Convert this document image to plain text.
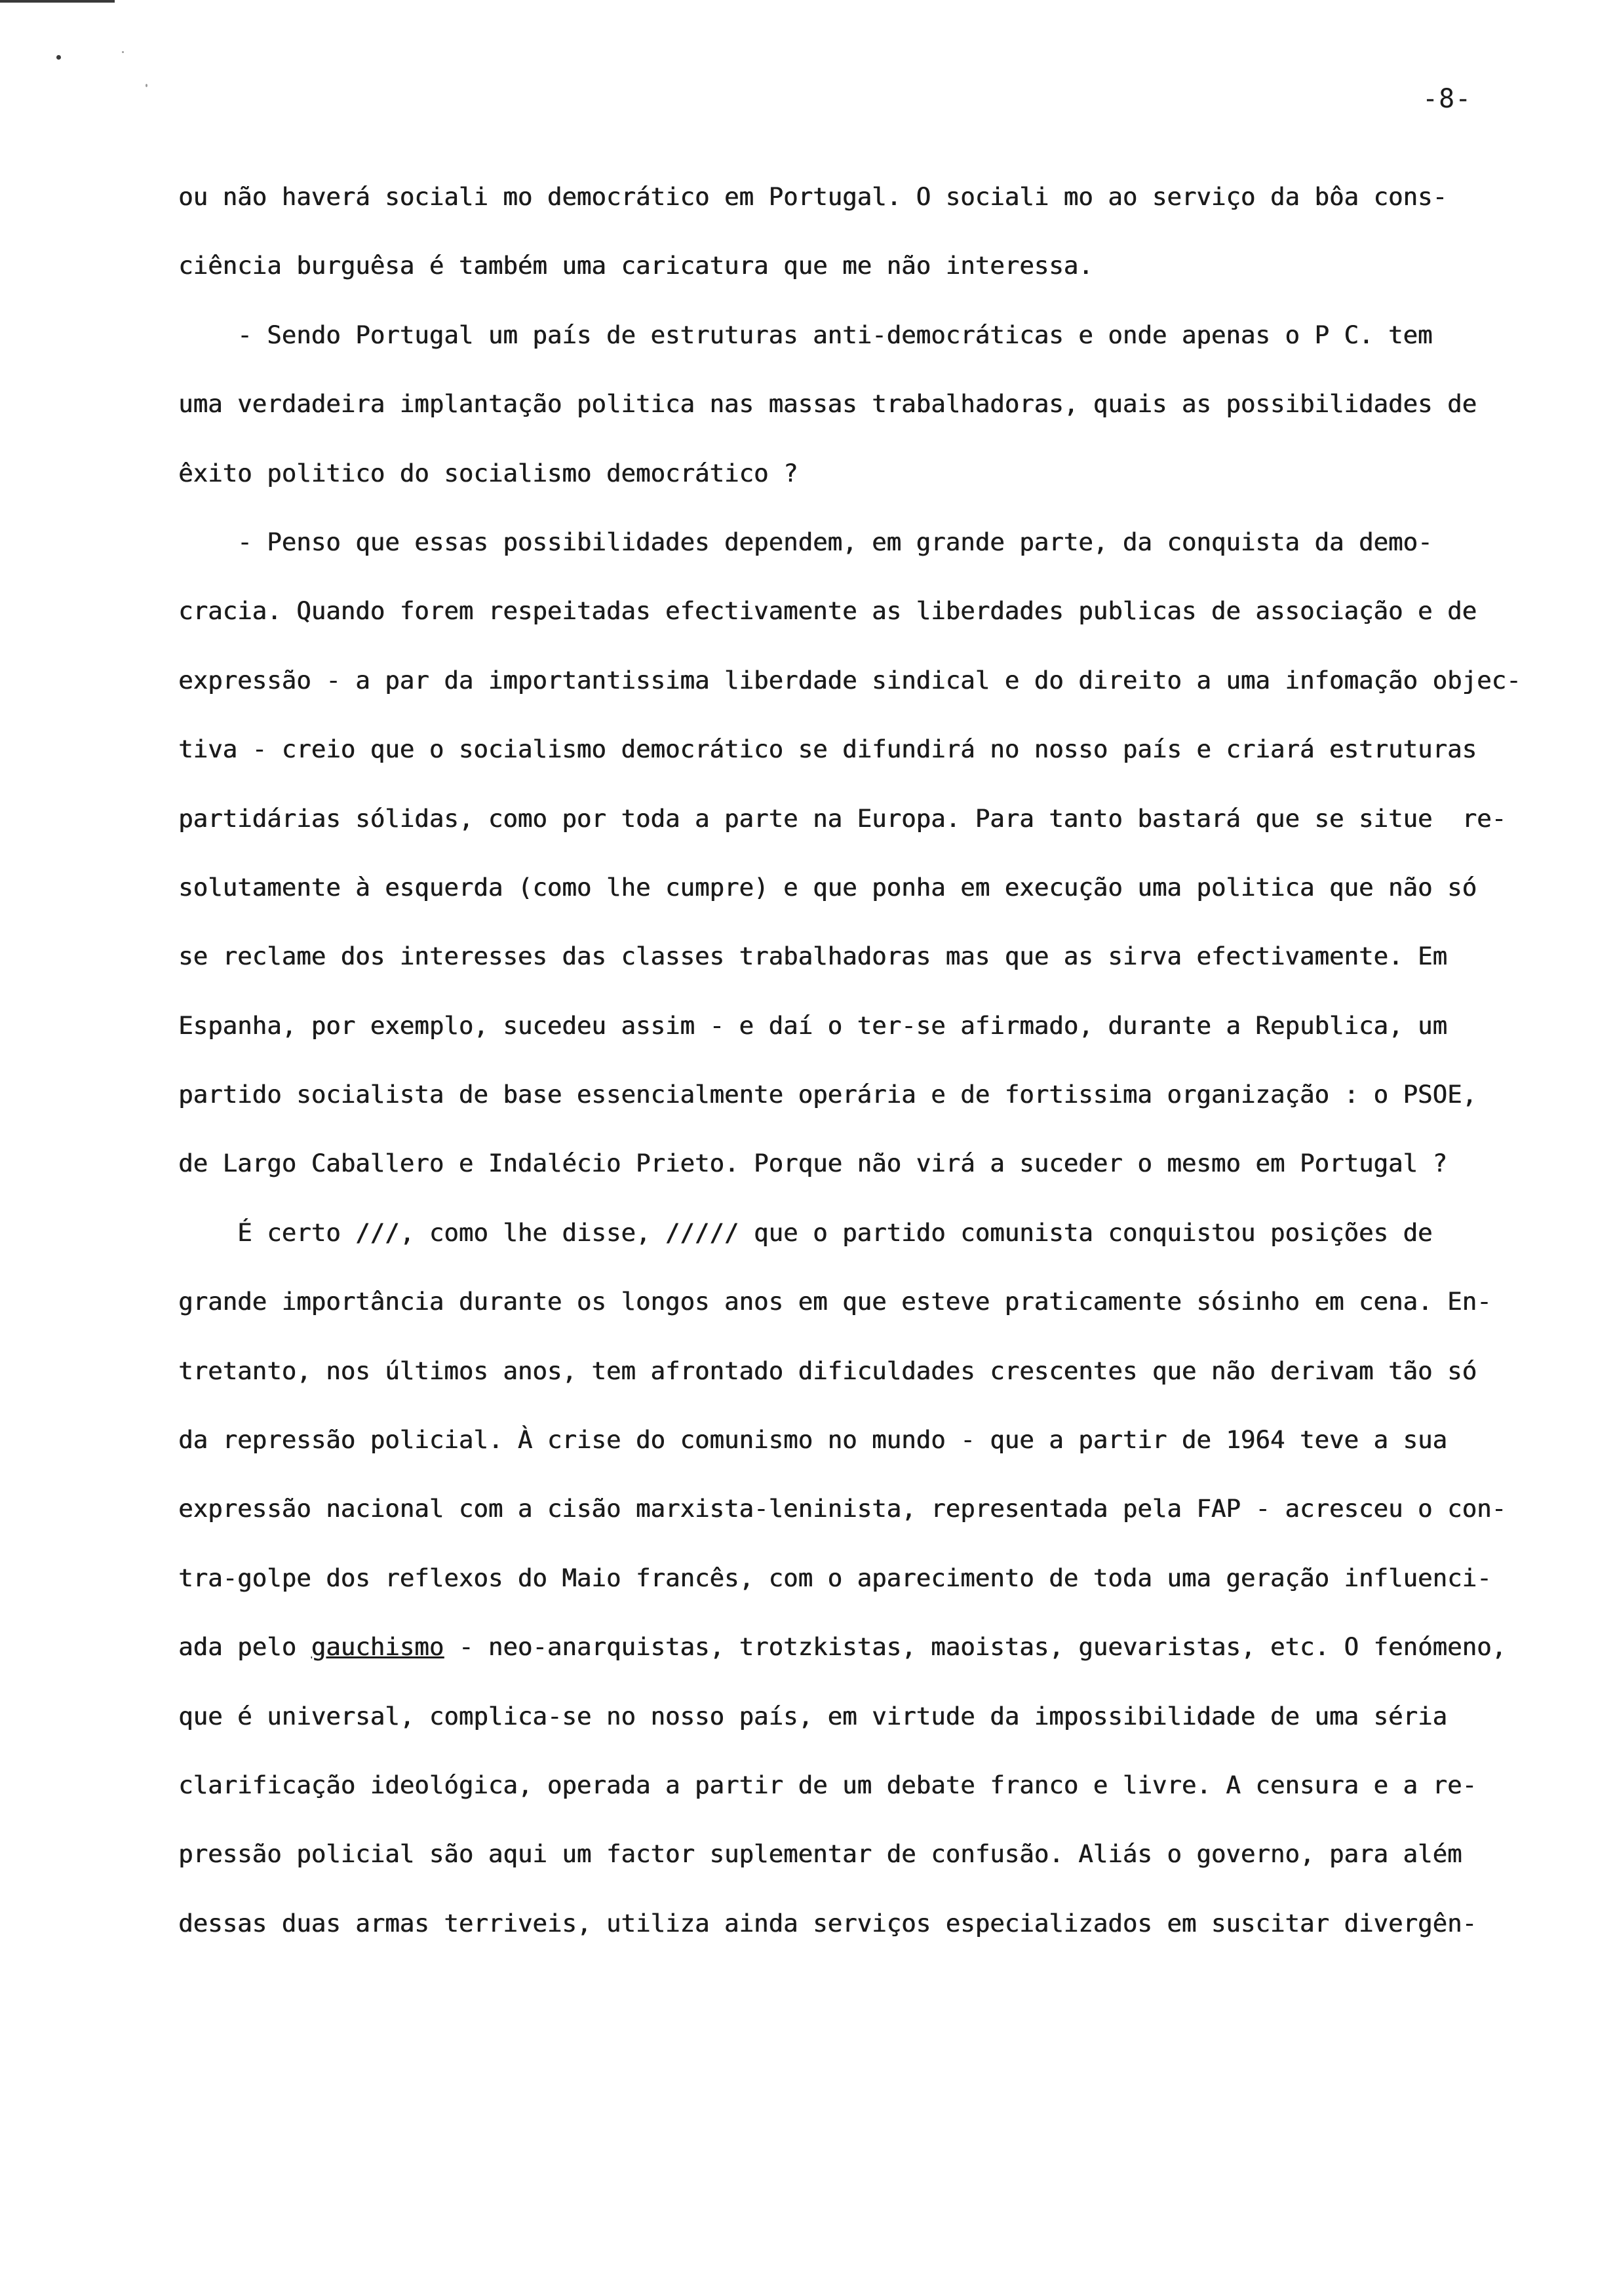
-8-
ou não haverá sociali mo democrático em Portugal. O sociali mo ao serviço da bôa cons-
ciência burguêsa é também uma caricatura que me não interessa.
- Sendo Portugal um país de estruturas anti-democráticas e onde apenas o P C. tem
uma verdadeira implantação politica nas massas trabalhadoras, quais as possibilidades de
êxito politico do socialismo democrático ?
- Penso que essas possibilidades dependem, em grande parte, da conquista da demo-
cracia. Quando forem respeitadas efectivamente as liberdades publicas de associação e de
expressão - a par da importantissima liberdade sindical e do direito a uma infomação objec-
tiva - creio que o socialismo democrático se difundirá no nosso país e criará estruturas
partidárias sólidas, como por toda a parte na Europa. Para tanto bastará que se situe  re-
solutamente à esquerda (como lhe cumpre) e que ponha em execução uma politica que não só
se reclame dos interesses das classes trabalhadoras mas que as sirva efectivamente. Em
Espanha, por exemplo, sucedeu assim - e daí o ter-se afirmado, durante a Republica, um
partido socialista de base essencialmente operária e de fortissima organização : o PSOE,
de Largo Caballero e Indalécio Prieto. Porque não virá a suceder o mesmo em Portugal ?
É certo ///, como lhe disse, ///// que o partido comunista conquistou posições de
grande importância durante os longos anos em que esteve praticamente sósinho em cena. En-
tretanto, nos últimos anos, tem afrontado dificuldades crescentes que não derivam tão só
da repressão policial. À crise do comunismo no mundo - que a partir de 1964 teve a sua
expressão nacional com a cisão marxista-leninista, representada pela FAP - acresceu o con-
tra-golpe dos reflexos do Maio francês, com o aparecimento de toda uma geração influenci-
ada pelo gauchismo - neo-anarquistas, trotzkistas, maoistas, guevaristas, etc. O fenómeno,
que é universal, complica-se no nosso país, em virtude da impossibilidade de uma séria
clarificação ideológica, operada a partir de um debate franco e livre. A censura e a re-
pressão policial são aqui um factor suplementar de confusão. Aliás o governo, para além
dessas duas armas terriveis, utiliza ainda serviços especializados em suscitar divergên-
